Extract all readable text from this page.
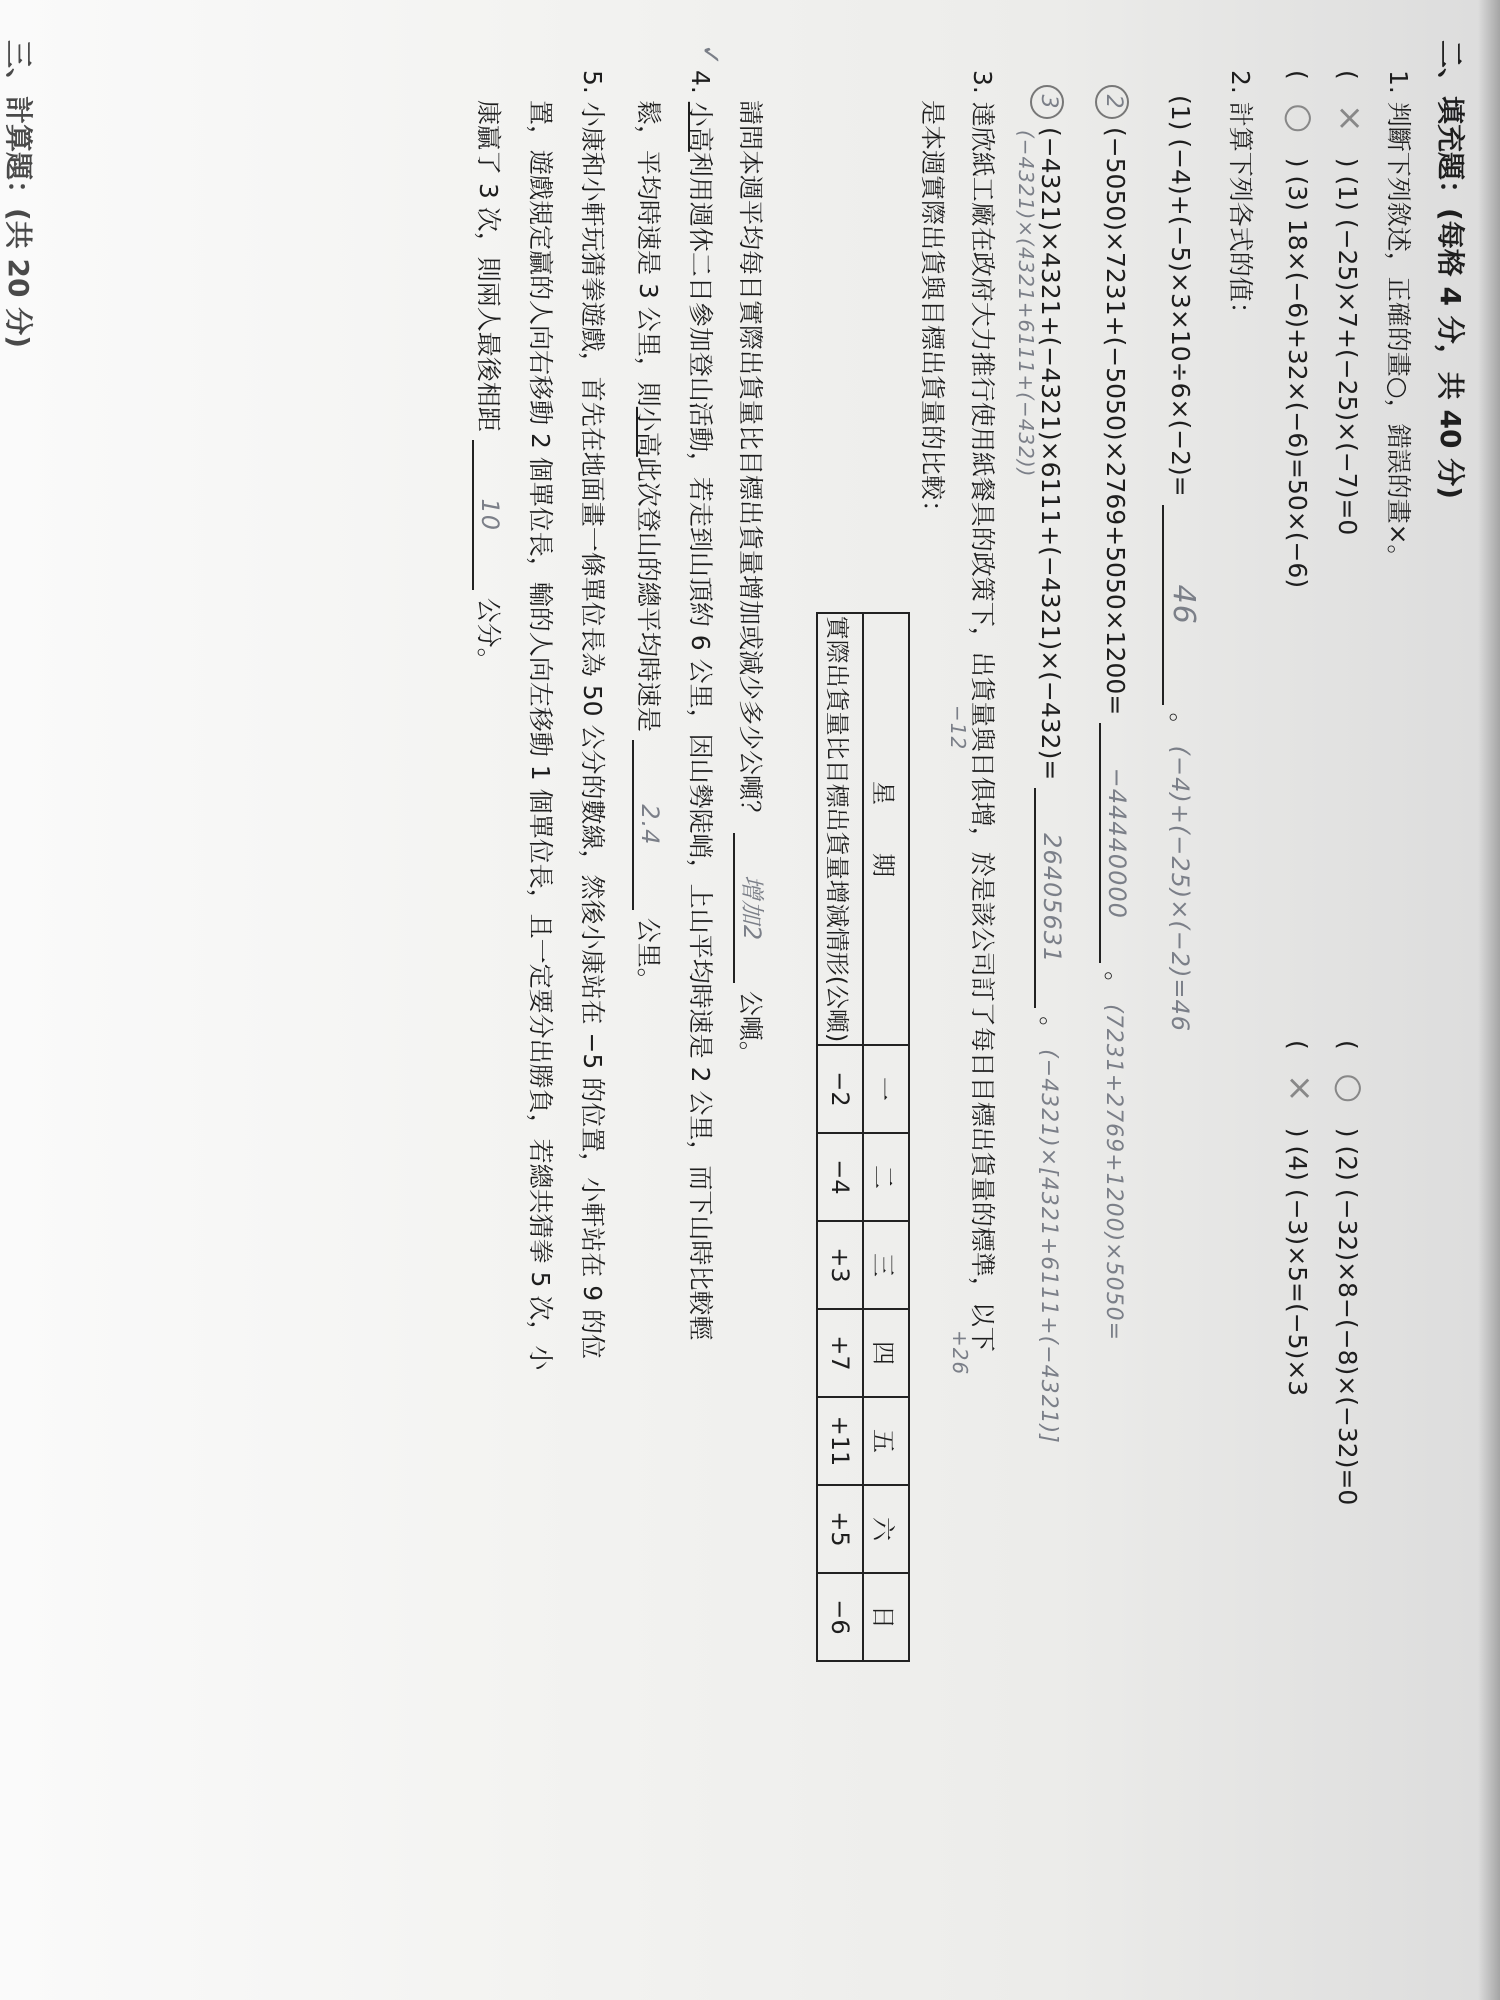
二、填充題：(每格 4 分，共 40 分)
1. 判斷下列敘述，正確的畫○，錯誤的畫×。
(×) (1) (−25)×7+(−25)×(−7)=0
(○) (2) (−32)×8−(−8)×(−32)=0
(○) (3) 18×(−6)+32×(−6)=50×(−6)
(×) (4) (−3)×5=(−5)×3
2. 計算下列各式的值：
(1) (−4)+(−5)×3×10÷6×(−2)= 46 。 (−4)+(−25)×(−2)=46
2 (−5050)×7231+(−5050)×2769+5050×1200= −44440000 。 (7231+2769+1200)×5050=
3 (−4321)×4321+(−4321)×6111+(−4321)×(−432)= 26405631 。 (−4321)×[4321+6111+(−4321)]
(−4321)×(4321+6111+(−432))
3. 達欣紙工廠在政府大力推行使用紙餐具的政策下，出貨量與日俱增，於是該公司訂了每日目標出貨量的標準，以下
是本週實際出貨與目標出貨量的比較：
−12
+26
星　　期	一	二	三	四	五	六	日
實際出貨量比目標出貨量增減情形(公噸)	−2	−4	+3	+7	+11	+5	−6
請問本週平均每日實際出貨量比目標出貨量增加或減少多少公噸？ 增加2 公噸。
✓
4. 小高利用週休二日參加登山活動，若走到山頂約 6 公里，因山勢陡峭，上山平均時速是 2 公里，而下山時比較輕
鬆，平均時速是 3 公里，則小高此次登山的總平均時速是 2.4 公里。
5. 小康和小軒玩猜拳遊戲，首先在地面畫一條單位長為 50 公分的數線，然後小康站在 −5 的位置，小軒站在 9 的位
置，遊戲規定贏的人向右移動 2 個單位長，輸的人向左移動 1 個單位長，且一定要分出勝負，若總共猜拳 5 次，小
康贏了 3 次，則兩人最後相距 10 公分。
三、計算題：(共 20 分)
